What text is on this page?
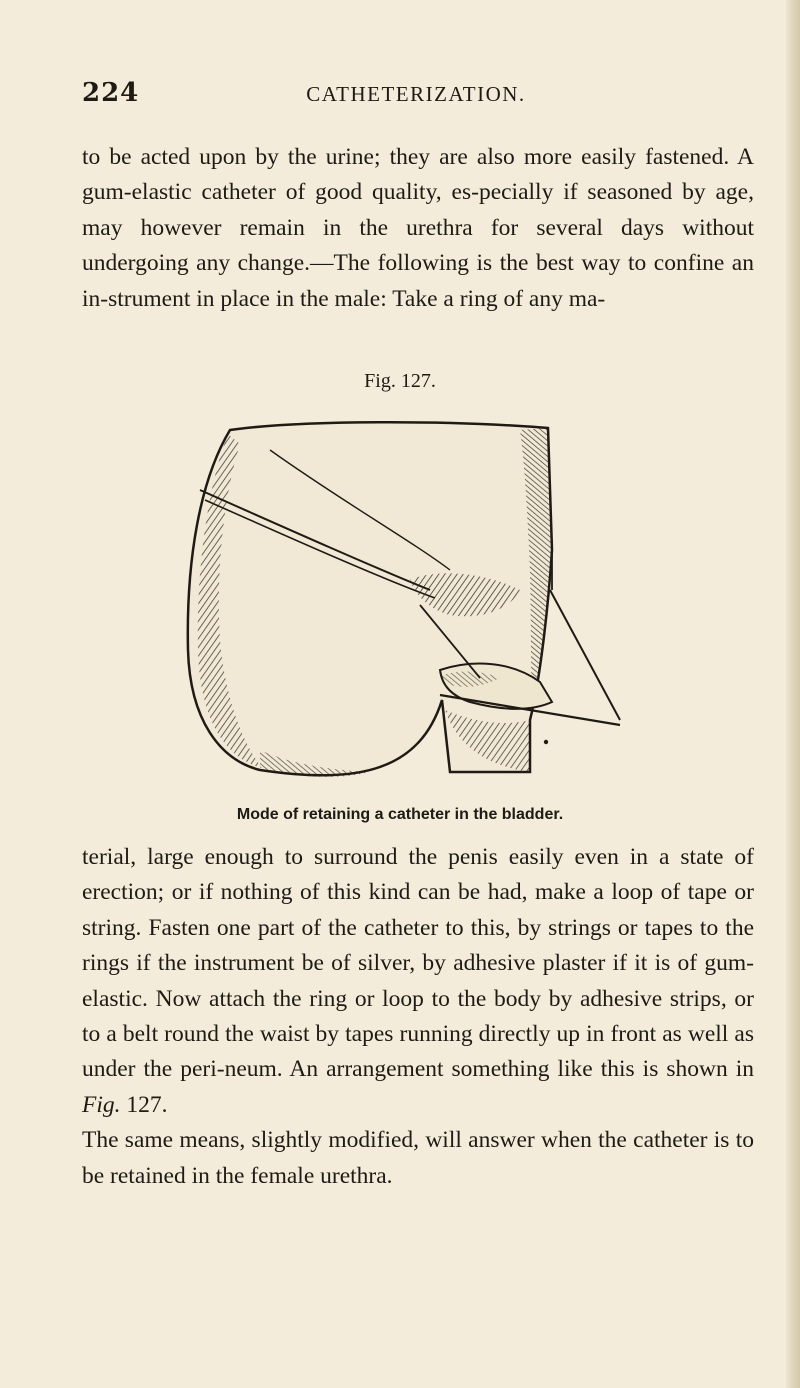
224	CATHETERIZATION.

to be acted upon by the urine; they are also more easily fastened. A gum-elastic catheter of good quality, es-pecially if seasoned by age, may however remain in the urethra for several days without undergoing any change.—The following is the best way to confine an in-strument in place in the male: Take a ring of any ma-

Fig. 127.
Mode of retaining a catheter in the bladder.

terial, large enough to surround the penis easily even in a state of erection; or if nothing of this kind can be had, make a loop of tape or string. Fasten one part of the catheter to this, by strings or tapes to the rings if the instrument be of silver, by adhesive plaster if it is of gum-elastic. Now attach the ring or loop to the body by adhesive strips, or to a belt round the waist by tapes running directly up in front as well as under the peri-neum. An arrangement something like this is shown in Fig. 127.

The same means, slightly modified, will answer when the catheter is to be retained in the female urethra.
